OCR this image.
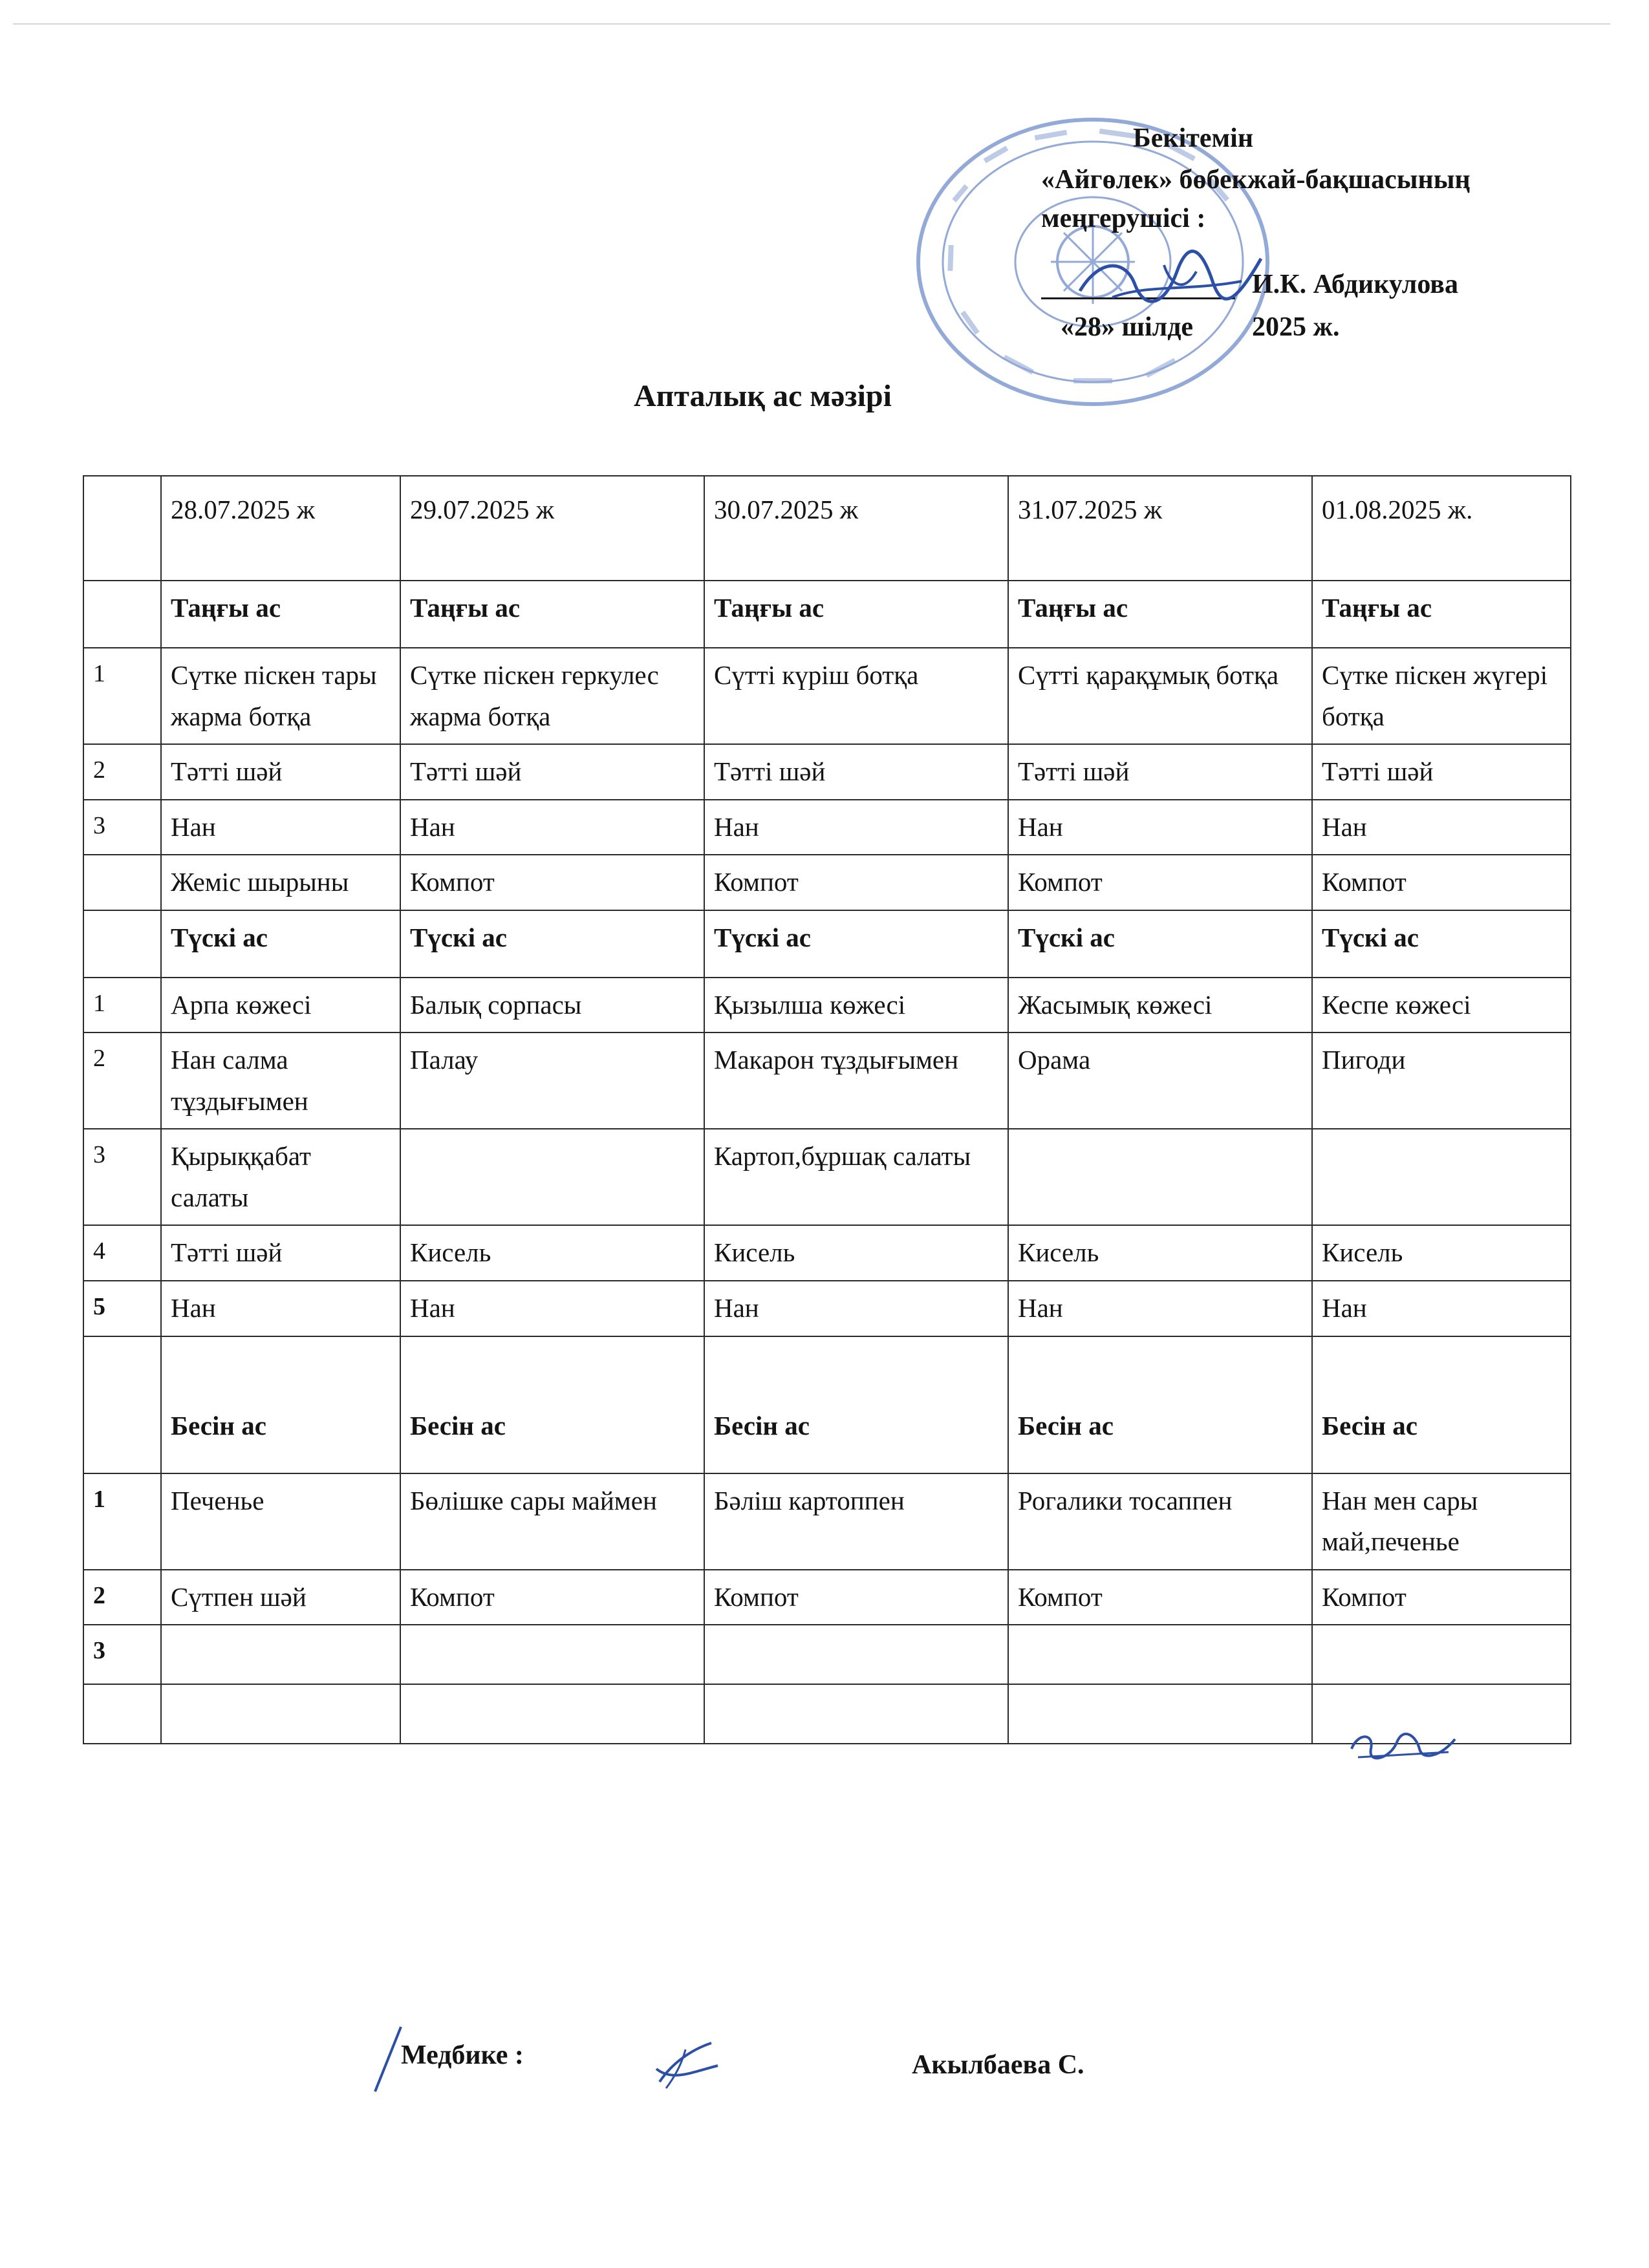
Бекітемін
«Айгөлек» бөбекжай-бақшасының
меңгерушісі :
И.К. Абдикулова
«28» шілде 2025 ж.
Апталық ас мәзірі
	28.07.2025 ж	29.07.2025 ж	30.07.2025 ж	31.07.2025 ж	01.08.2025 ж.
	Таңғы ас	Таңғы ас	Таңғы ас	Таңғы ас	Таңғы ас
1	Сүтке піскен тары жарма ботқа	Сүтке піскен геркулес жарма ботқа	Сүтті күріш ботқа	Сүтті қарақұмық ботқа	Сүтке піскен жүгері ботқа
2	Тәтті шәй	Тәтті шәй	Тәтті шәй	Тәтті шәй	Тәтті шәй
3	Нан	Нан	Нан	Нан	Нан
	Жеміс шырыны	Компот	Компот	Компот	Компот
	Түскі ас	Түскі ас	Түскі ас	Түскі ас	Түскі ас
1	Арпа көжесі	Балық сорпасы	Қызылша көжесі	Жасымық көжесі	Кеспе көжесі
2	Нан салма тұздығымен	Палау	Макарон тұздығымен	Орама	Пигоди
3	Қырыққабат салаты		Картоп,бұршақ салаты		
4	Тәтті шәй	Кисель	Кисель	Кисель	Кисель
5	Нан	Нан	Нан	Нан	Нан
	Бесін ас	Бесін ас	Бесін ас	Бесін ас	Бесін ас
1	Печенье	Бөлішке сары маймен	Бәліш картоппен	Рогалики тосаппен	Нан мен сары май,печенье
2	Сүтпен шәй	Компот	Компот	Компот	Компот
3					

Медбике :	Акылбаева С.
